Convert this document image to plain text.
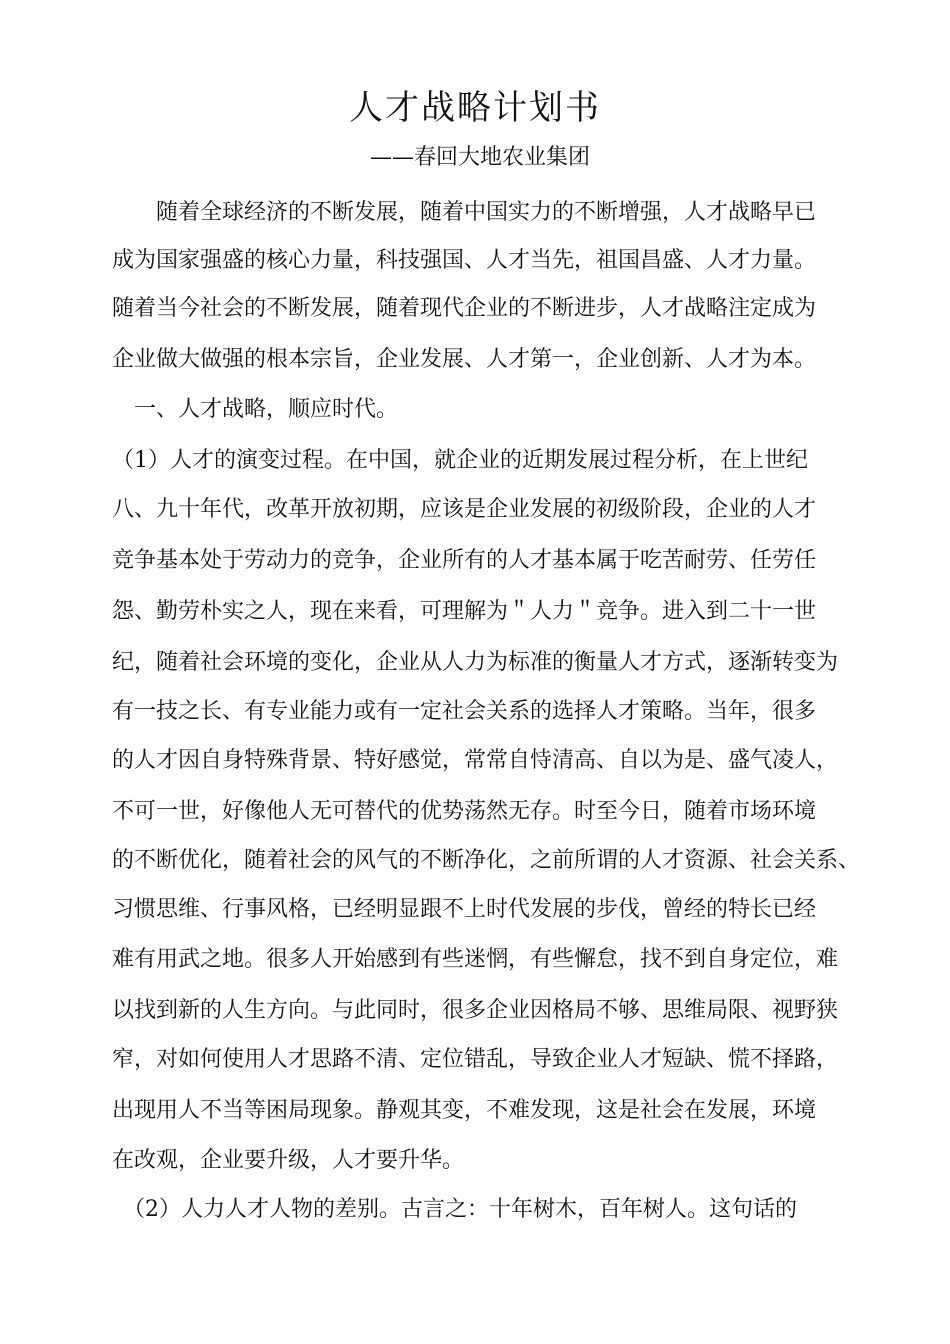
人才战略计划书
——春回大地农业集团
　　随着全球经济的不断发展，随着中国实力的不断增强，人才战略早已
成为国家强盛的核心力量，科技强国、人才当先，祖国昌盛、人才力量。
随着当今社会的不断发展，随着现代企业的不断进步，人才战略注定成为
企业做大做强的根本宗旨，企业发展、人才第一，企业创新、人才为本。
　一、人才战略，顺应时代。
（1）人才的演变过程。在中国，就企业的近期发展过程分析，在上世纪
八、九十年代，改革开放初期，应该是企业发展的初级阶段，企业的人才
竞争基本处于劳动力的竞争，企业所有的人才基本属于吃苦耐劳、任劳任
怨、勤劳朴实之人，现在来看，可理解为＂人力＂竞争。进入到二十一世
纪，随着社会环境的变化，企业从人力为标准的衡量人才方式，逐渐转变为
有一技之长、有专业能力或有一定社会关系的选择人才策略。当年，很多
的人才因自身特殊背景、特好感觉，常常自恃清高、自以为是、盛气凌人，
不可一世，好像他人无可替代的优势荡然无存。时至今日，随着市场环境
的不断优化，随着社会的风气的不断净化，之前所谓的人才资源、社会关系、
习惯思维、行事风格，已经明显跟不上时代发展的步伐，曾经的特长已经
难有用武之地。很多人开始感到有些迷惘，有些懈怠，找不到自身定位，难
以找到新的人生方向。与此同时，很多企业因格局不够、思维局限、视野狭
窄，对如何使用人才思路不清、定位错乱，导致企业人才短缺、慌不择路，
出现用人不当等困局现象。静观其变，不难发现，这是社会在发展，环境
在改观，企业要升级，人才要升华。
　（2）人力人才人物的差别。古言之：十年树木，百年树人。这句话的
